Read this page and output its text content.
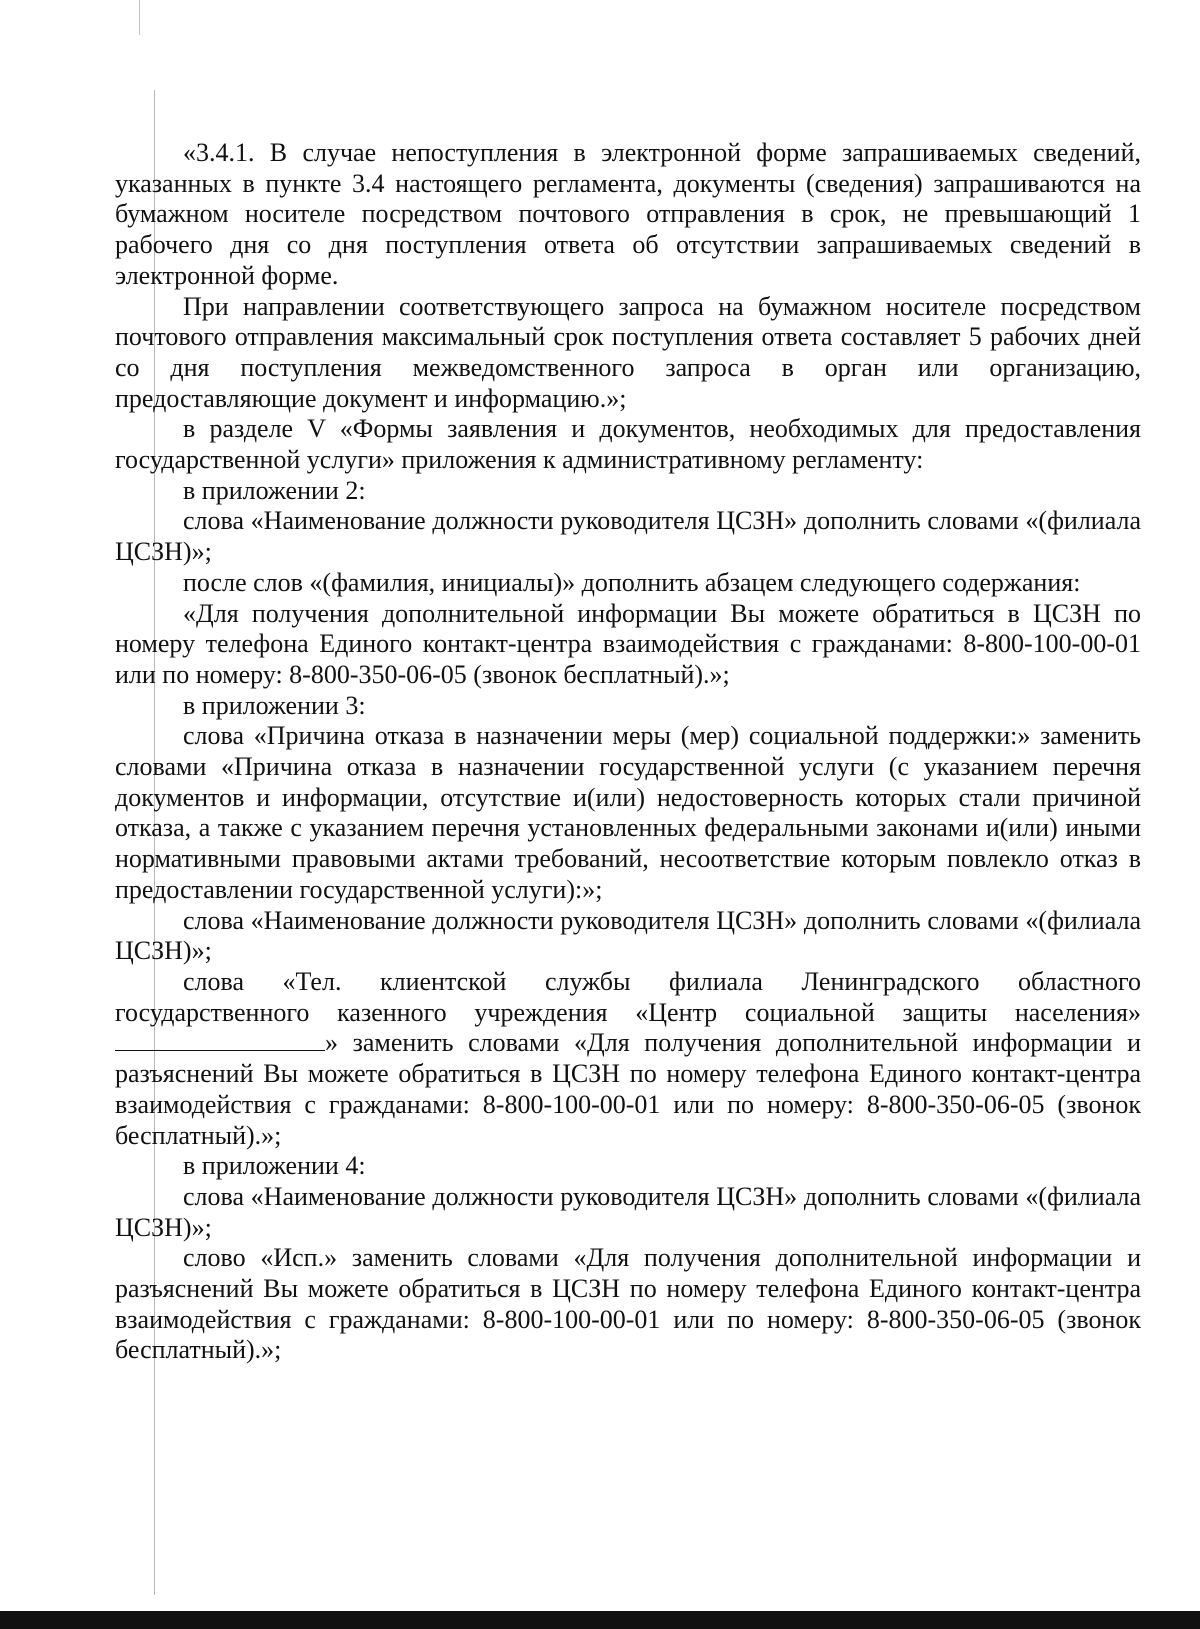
«3.4.1. В случае непоступления в электронной форме запрашиваемых сведений, указанных в пункте 3.4 настоящего регламента, документы (сведения) запрашиваются на бумажном носителе посредством почтового отправления в срок, не превышающий 1 рабочего дня со дня поступления ответа об отсутствии запрашиваемых сведений в электронной форме.

При направлении соответствующего запроса на бумажном носителе посредством почтового отправления максимальный срок поступления ответа составляет 5 рабочих дней со дня поступления межведомственного запроса в орган или организацию, предоставляющие документ и информацию.»;

в разделе V «Формы заявления и документов, необходимых для предоставления государственной услуги» приложения к административному регламенту:

в приложении 2:

слова «Наименование должности руководителя ЦСЗН» дополнить словами «(филиала ЦСЗН)»;

после слов «(фамилия, инициалы)» дополнить абзацем следующего содержания:

«Для получения дополнительной информации Вы можете обратиться в ЦСЗН по номеру телефона Единого контакт-центра взаимодействия с гражданами: 8-800-100-00-01 или по номеру: 8-800-350-06-05 (звонок бесплатный).»;

в приложении 3:

слова «Причина отказа в назначении меры (мер) социальной поддержки:» заменить словами «Причина отказа в назначении государственной услуги (с указанием перечня документов и информации, отсутствие и(или) недостоверность которых стали причиной отказа, а также с указанием перечня установленных федеральными законами и(или) иными нормативными правовыми актами требований, несоответствие которым повлекло отказ в предоставлении государственной услуги):»;

слова «Наименование должности руководителя ЦСЗН» дополнить словами «(филиала ЦСЗН)»;

слова «Тел. клиентской службы филиала Ленинградского областного государственного казенного учреждения «Центр социальной защиты населения» » заменить словами «Для получения дополнительной информации и разъяснений Вы можете обратиться в ЦСЗН по номеру телефона Единого контакт-центра взаимодействия с гражданами: 8-800-100-00-01 или по номеру: 8-800-350-06-05 (звонок бесплатный).»;

в приложении 4:

слова «Наименование должности руководителя ЦСЗН» дополнить словами «(филиала ЦСЗН)»;

слово «Исп.» заменить словами «Для получения дополнительной информации и разъяснений Вы можете обратиться в ЦСЗН по номеру телефона Единого контакт-центра взаимодействия с гражданами: 8-800-100-00-01 или по номеру: 8-800-350-06-05 (звонок бесплатный).»;
